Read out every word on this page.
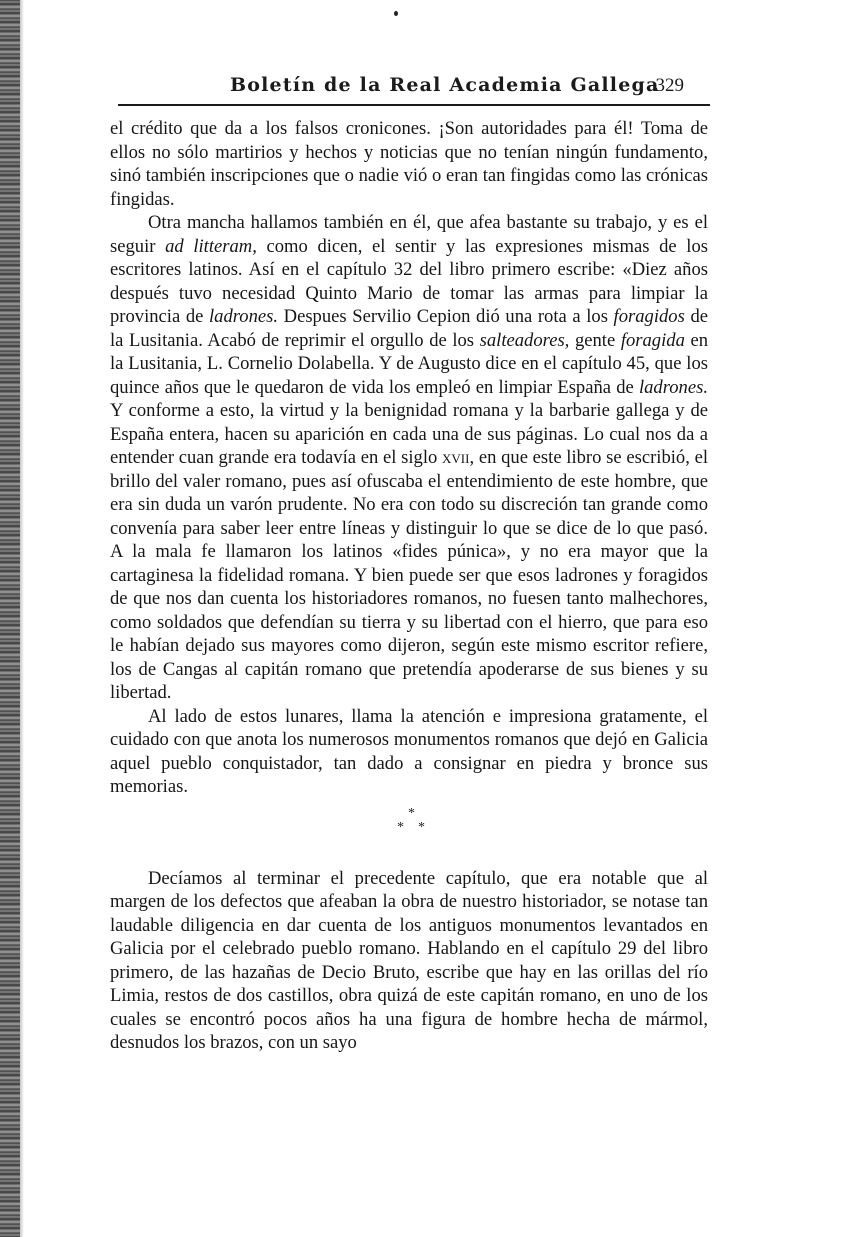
Boletín de la Real Academia Gallega
329

el crédito que da a los falsos cronicones. ¡Son autoridades para él! Toma de ellos no sólo martirios y hechos y noticias que no tenían ningún fundamento, sinó también inscripciones que o nadie vió o eran tan fingidas como las crónicas fingidas.

Otra mancha hallamos también en él, que afea bastante su trabajo, y es el seguir ad litteram, como dicen, el sentir y las expresiones mismas de los escritores latinos. Así en el capítulo 32 del libro primero escribe: «Diez años después tuvo necesidad Quinto Mario de tomar las armas para limpiar la provincia de ladrones. Despues Servilio Cepion dió una rota a los foragidos de la Lusitania. Acabó de reprimir el orgullo de los salteadores, gente foragida en la Lusitania, L. Cornelio Dolabella. Y de Augusto dice en el capítulo 45, que los quince años que le quedaron de vida los empleó en limpiar España de ladrones. Y conforme a esto, la virtud y la benignidad romana y la barbarie gallega y de España entera, hacen su aparición en cada una de sus páginas. Lo cual nos da a entender cuan grande era todavía en el siglo xvii, en que este libro se escribió, el brillo del valer romano, pues así ofuscaba el entendimiento de este hombre, que era sin duda un varón prudente. No era con todo su discreción tan grande como convenía para saber leer entre líneas y distinguir lo que se dice de lo que pasó. A la mala fe llamaron los latinos «fides púnica», y no era mayor que la cartaginesa la fidelidad romana. Y bien puede ser que esos ladrones y foragidos de que nos dan cuenta los historiadores romanos, no fuesen tanto malhechores, como soldados que defendían su tierra y su libertad con el hierro, que para eso le habían dejado sus mayores como dijeron, según este mismo escritor refiere, los de Cangas al capitán romano que pretendía apoderarse de sus bienes y su libertad.

Al lado de estos lunares, llama la atención e impresiona gratamente, el cuidado con que anota los numerosos monumentos romanos que dejó en Galicia aquel pueblo conquistador, tan dado a consignar en piedra y bronce sus memorias.

*
* *

Decíamos al terminar el precedente capítulo, que era notable que al margen de los defectos que afeaban la obra de nuestro historiador, se notase tan laudable diligencia en dar cuenta de los antiguos monumentos levantados en Galicia por el celebrado pueblo romano. Hablando en el capítulo 29 del libro primero, de las hazañas de Decio Bruto, escribe que hay en las orillas del río Limia, restos de dos castillos, obra quizá de este capitán romano, en uno de los cuales se encontró pocos años ha una figura de hombre hecha de mármol, desnudos los brazos, con un sayo
